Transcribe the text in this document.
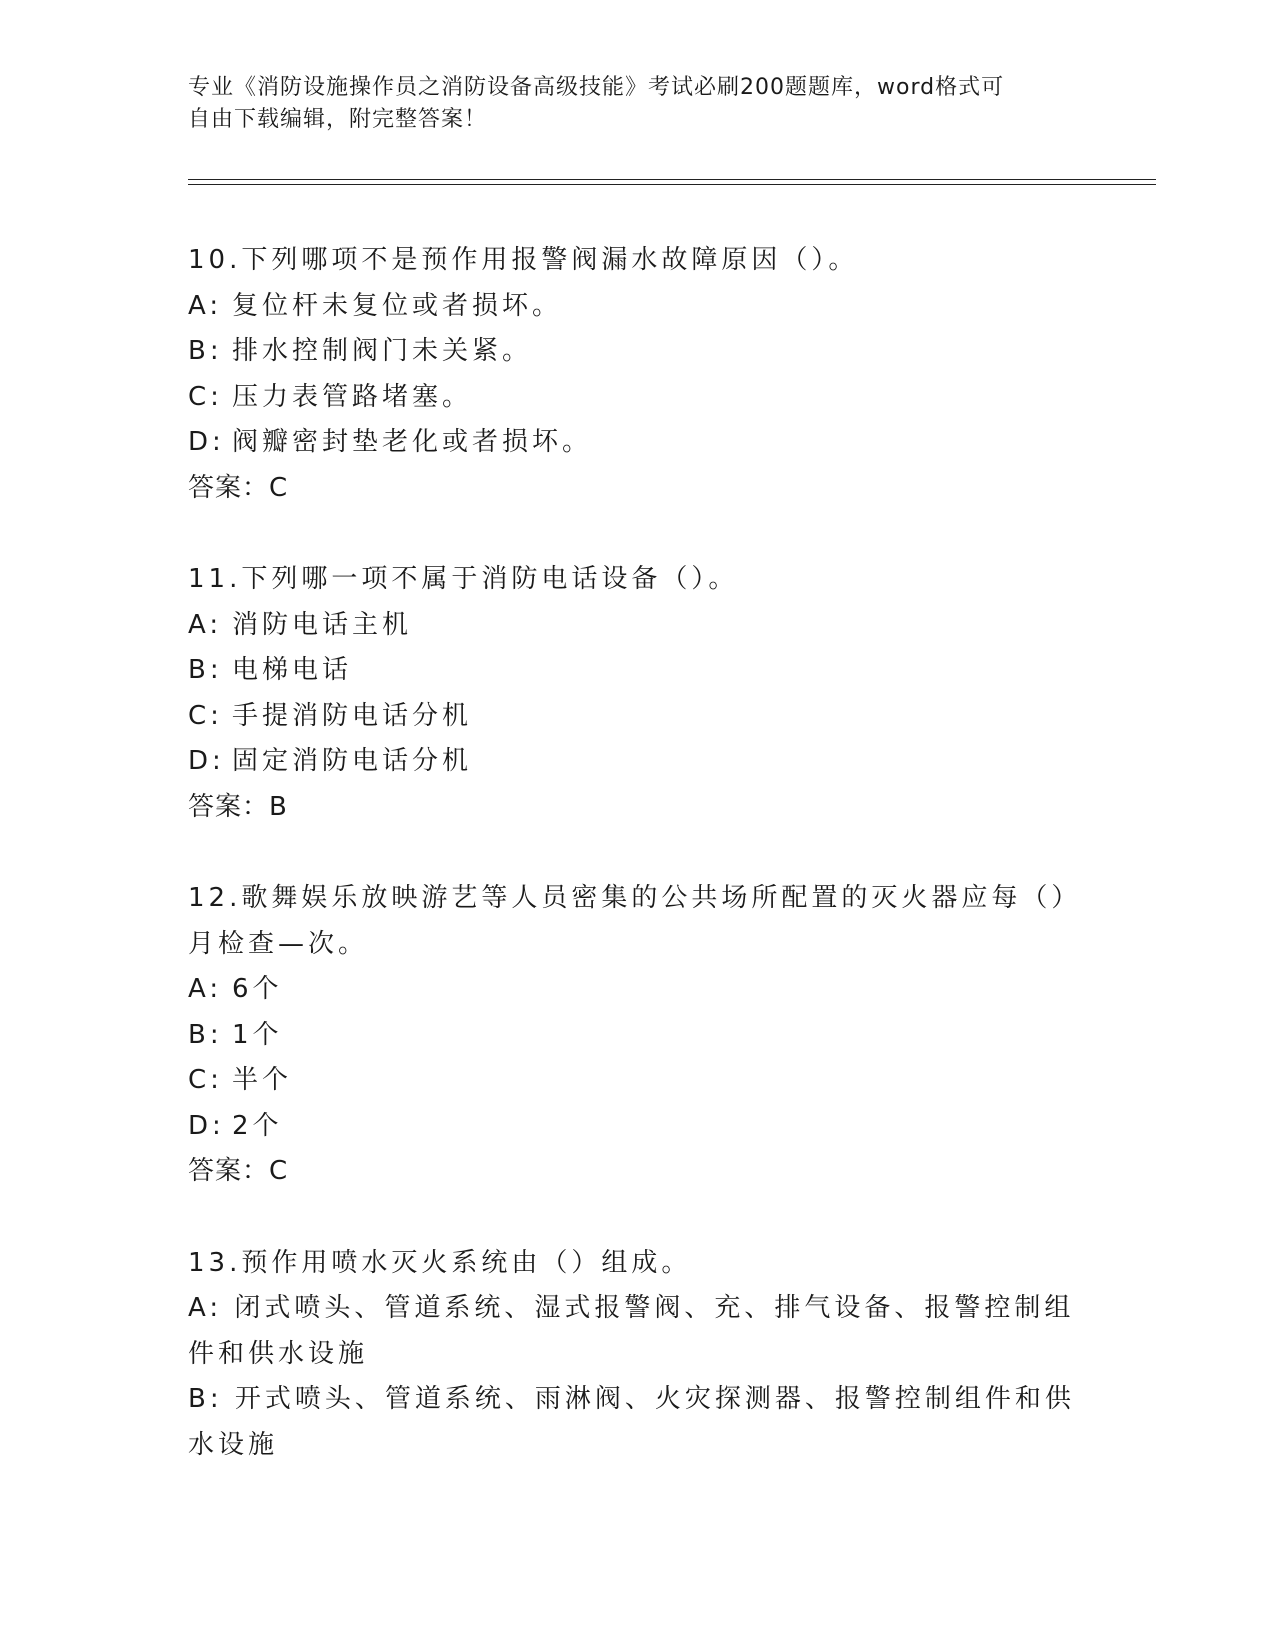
专业《消防设施操作员之消防设备高级技能》考试必刷200题题库，word格式可
自由下载编辑，附完整答案！
10.下列哪项不是预作用报警阀漏水故障原因（）。
A: 复位杆未复位或者损坏。
B: 排水控制阀门未关紧。
C: 压力表管路堵塞。
D: 阀瓣密封垫老化或者损坏。
答案：C
11.下列哪一项不属于消防电话设备（）。
A: 消防电话主机
B: 电梯电话
C: 手提消防电话分机
D: 固定消防电话分机
答案：B
12.歌舞娱乐放映游艺等人员密集的公共场所配置的灭火器应每（）月检查—次。
A: 6个
B: 1个
C: 半个
D: 2个
答案：C
13.预作用喷水灭火系统由（）组成。
A: 闭式喷头、管道系统、湿式报警阀、充、排气设备、报警控制组件和供水设施
B: 开式喷头、管道系统、雨淋阀、火灾探测器、报警控制组件和供水设施
